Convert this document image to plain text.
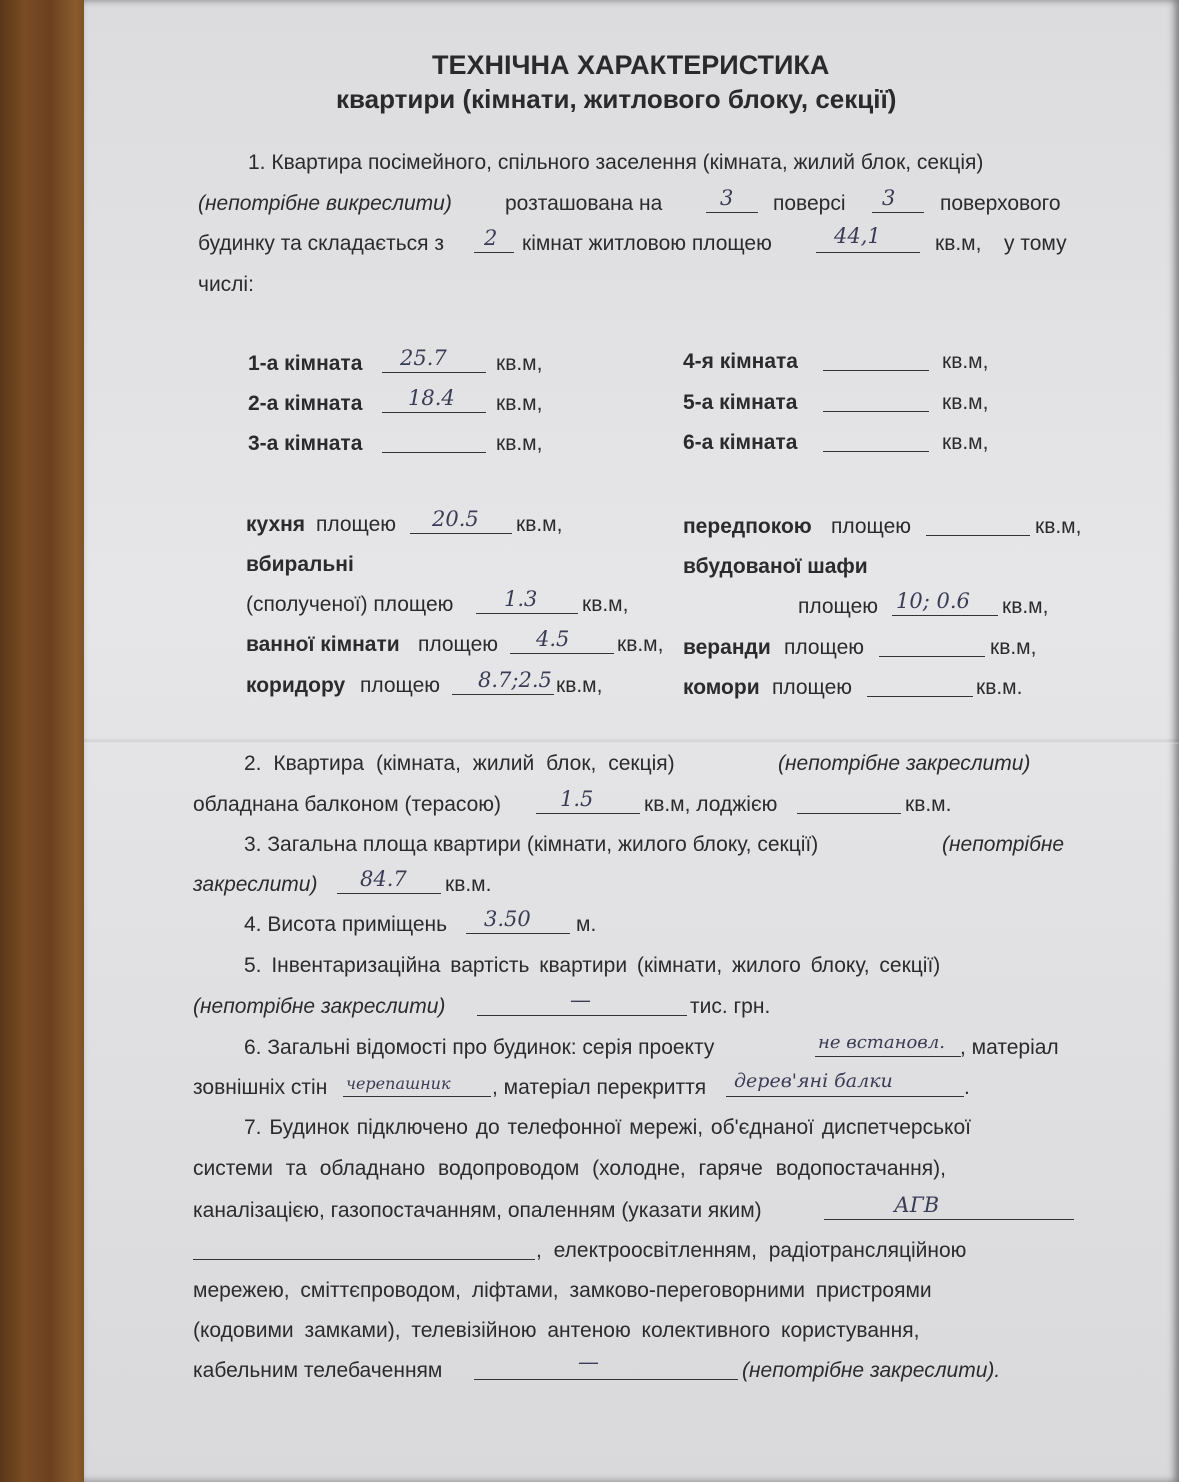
ТЕХНІЧНА ХАРАКТЕРИСТИКА
квартири (кімнати, житлового блоку, секції)
1. Квартира посімейного, спільного заселення (кімната, жилий блок, секція)
(непотрібне викреслити)	розташована на	3 поверсі 3 поверхового
будинку та складається з 2 кімнат житловою площею	44,1	кв.м, у тому
числі:
1-а кімната 25.7 кв.м,
2-а кімната 18.4 кв.м,
3-а кімната	кв.м,
4-я кімната	кв.м,
5-а кімната	кв.м,
6-а кімната	кв.м,
кухня площею 20.5 кв.м,
вбиральні
(сполученої) площею 1.3 кв.м,
ванної кімнати площею 4.5 кв.м,
коридору площею 8.7;2.5 кв.м,
передпокою площею	кв.м,
вбудованої шафи
площею 10; 0.6 кв.м,
веранди площею	кв.м,
комори площею	кв.м.
2. Квартира (кімната, жилий блок, секція)	(непотрібне закреслити)
обладнана балконом (терасою)	1.5 кв.м, лоджією	кв.м.
3. Загальна площа квартири (кімнати, жилого блоку, секції)	(непотрібне
закреслити) 84.7 кв.м.
4. Висота приміщень 3.50 м.
5. Інвентаризаційна вартість квартири (кімнати, жилого блоку, секції)
(непотрібне закреслити)	—	тис. грн.
6. Загальні відомості про будинок: серія проекту	не встановл. , матеріал
зовнішніх стін черепашник , матеріал перекриття дерев'яні балки	.
7. Будинок підключено до телефонної мережі, об'єднаної диспетчерської
системи та обладнано водопроводом (холодне, гаряче водопостачання),
каналізацією, газопостачанням, опаленням (указати яким)	АГВ
, електроосвітленням, радіотрансляційною
мережею, сміттєпроводом, ліфтами, замково-переговорними пристроями
(кодовими замками), телевізійною антеною колективного користування,
кабельним телебаченням	—	(непотрібне закреслити).
